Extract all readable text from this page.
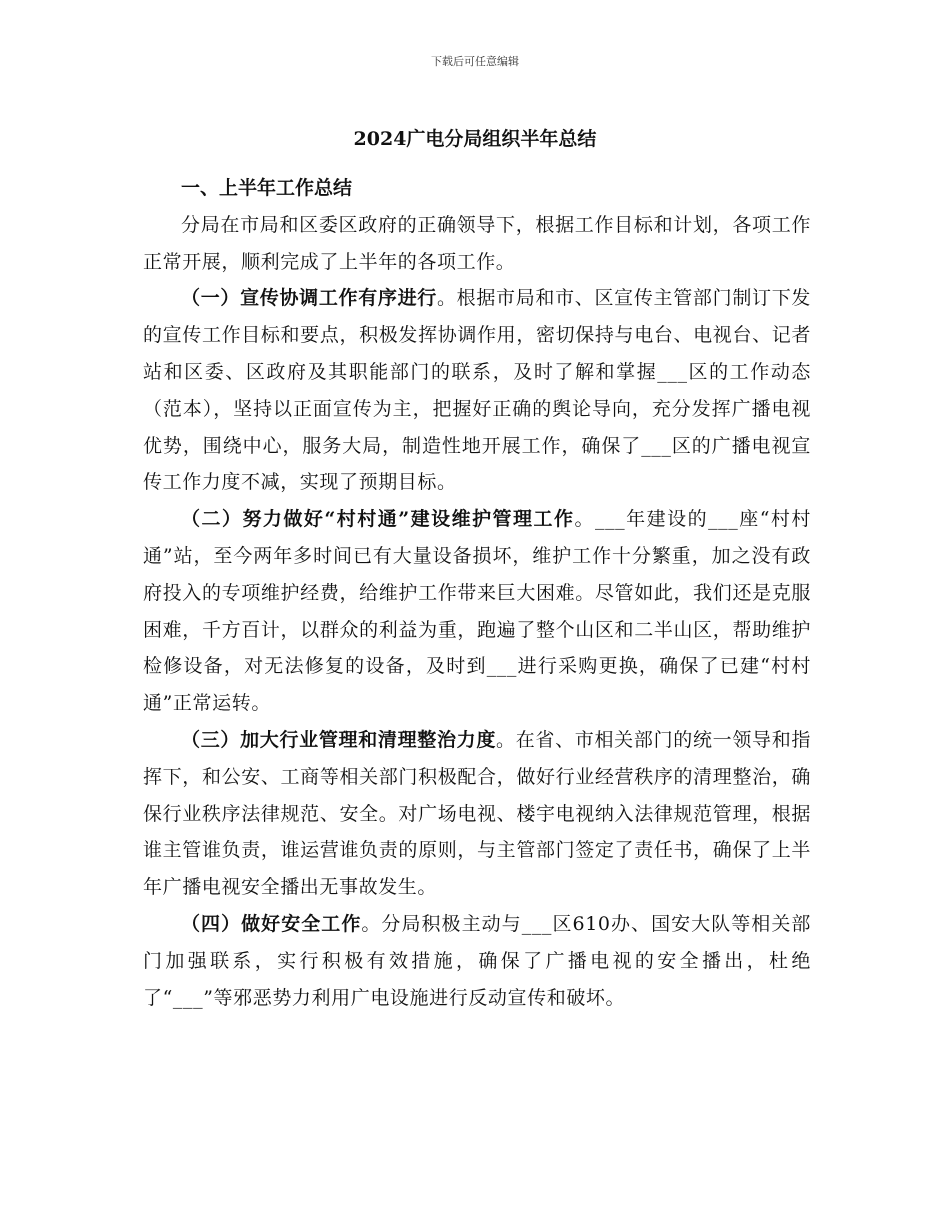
下载后可任意编辑
2024广电分局组织半年总结

一、上半年工作总结

分局在市局和区委区政府的正确领导下，根据工作目标和计划，各项工作正常开展，顺利完成了上半年的各项工作。

（一）宣传协调工作有序进行。根据市局和市、区宣传主管部门制订下发的宣传工作目标和要点，积极发挥协调作用，密切保持与电台、电视台、记者站和区委、区政府及其职能部门的联系，及时了解和掌握___区的工作动态（范本），坚持以正面宣传为主，把握好正确的舆论导向，充分发挥广播电视优势，围绕中心，服务大局，制造性地开展工作，确保了___区的广播电视宣传工作力度不减，实现了预期目标。

（二）努力做好“村村通”建设维护管理工作。___年建设的___座“村村通”站，至今两年多时间已有大量设备损坏，维护工作十分繁重，加之没有政府投入的专项维护经费，给维护工作带来巨大困难。尽管如此，我们还是克服困难，千方百计，以群众的利益为重，跑遍了整个山区和二半山区，帮助维护检修设备，对无法修复的设备，及时到___进行采购更换，确保了已建“村村通”正常运转。

（三）加大行业管理和清理整治力度。在省、市相关部门的统一领导和指挥下，和公安、工商等相关部门积极配合，做好行业经营秩序的清理整治，确保行业秩序法律规范、安全。对广场电视、楼宇电视纳入法律规范管理，根据谁主管谁负责，谁运营谁负责的原则，与主管部门签定了责任书，确保了上半年广播电视安全播出无事故发生。

（四）做好安全工作。分局积极主动与___区610办、国安大队等相关部门加强联系，实行积极有效措施，确保了广播电视的安全播出，杜绝了“___”等邪恶势力利用广电设施进行反动宣传和破坏。
